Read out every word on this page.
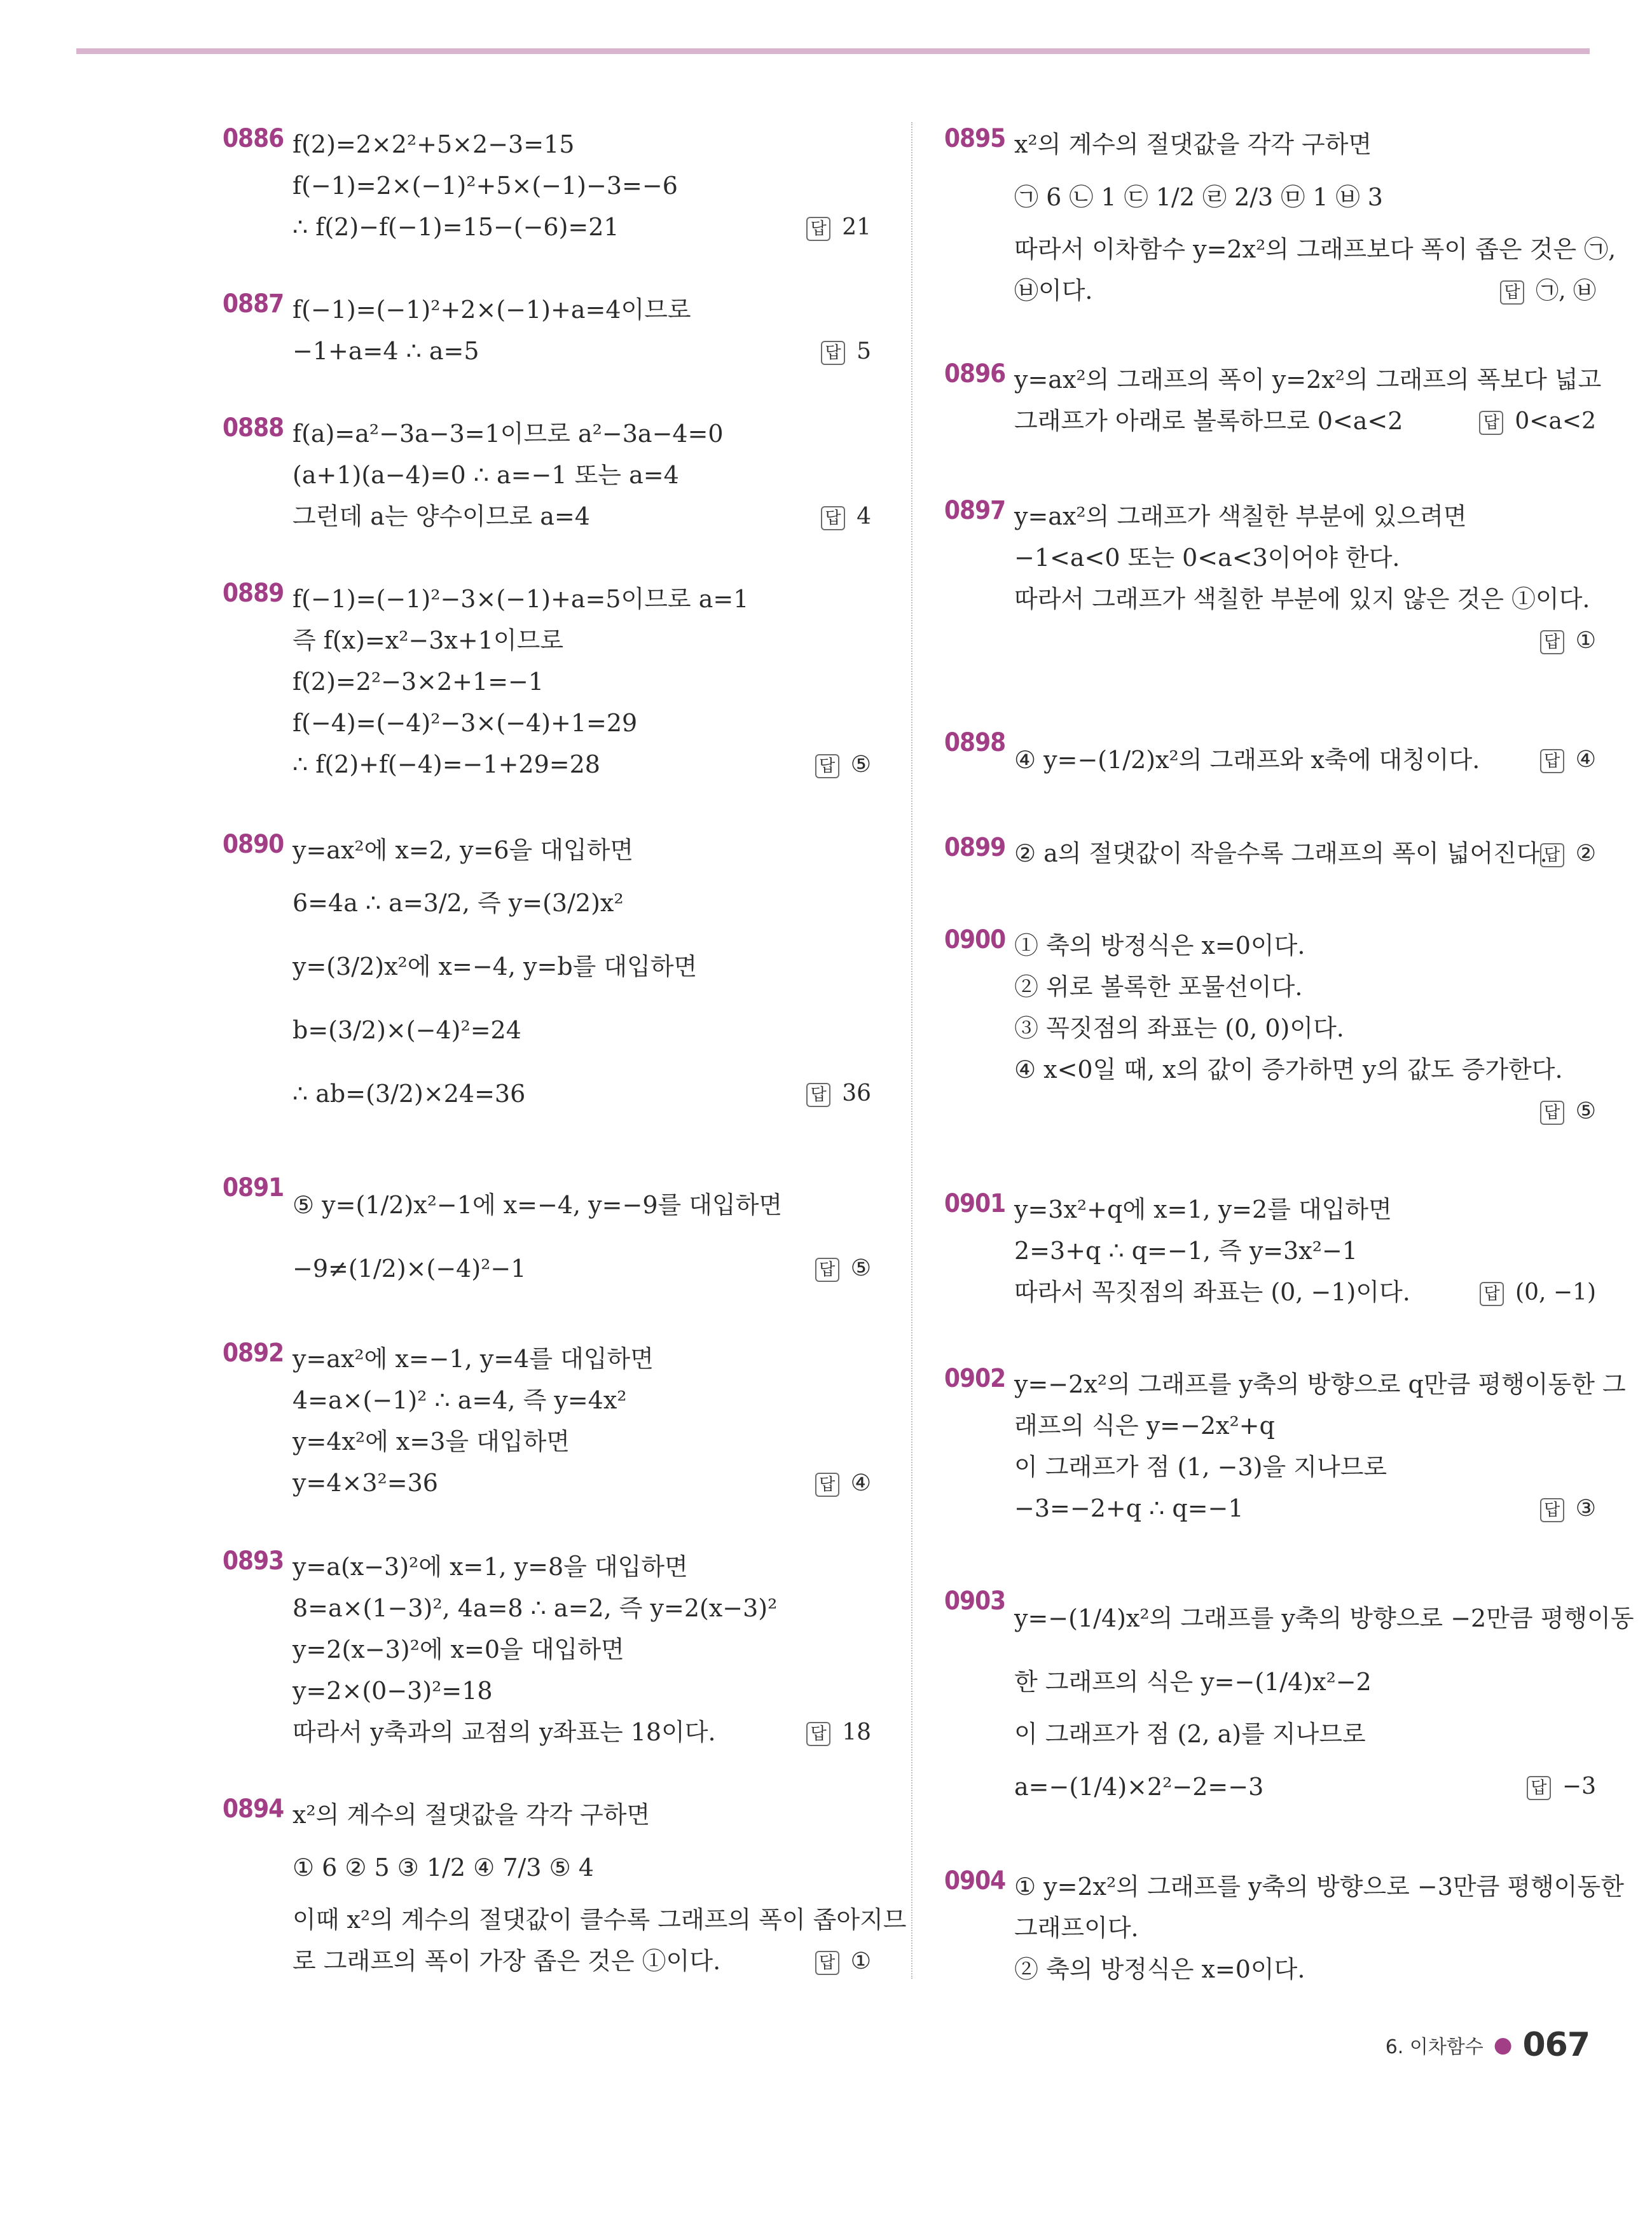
0886 f(2)=2×2²+5×2−3=15
f(−1)=2×(−1)²+5×(−1)−3=−6
∴ f(2)−f(−1)=15−(−6)=21	답 21
0887 f(−1)=(−1)²+2×(−1)+a=4이므로
−1+a=4 ∴ a=5	답 5
0888 f(a)=a²−3a−3=1이므로 a²−3a−4=0
(a+1)(a−4)=0 ∴ a=−1 또는 a=4
그런데 a는 양수이므로 a=4	답 4
0889 f(−1)=(−1)²−3×(−1)+a=5이므로 a=1
즉 f(x)=x²−3x+1이므로
f(2)=2²−3×2+1=−1
f(−4)=(−4)²−3×(−4)+1=29
∴ f(2)+f(−4)=−1+29=28	답 ⑤
0890 y=ax²에 x=2, y=6을 대입하면
6=4a ∴ a=3/2, 즉 y=(3/2)x²
y=(3/2)x²에 x=−4, y=b를 대입하면
b=(3/2)×(−4)²=24
∴ ab=(3/2)×24=36	답 36
0891
⑤ y=(1/2)x²−1에 x=−4, y=−9를 대입하면
−9≠(1/2)×(−4)²−1	답 ⑤
0892 y=ax²에 x=−1, y=4를 대입하면
4=a×(−1)² ∴ a=4, 즉 y=4x²
y=4x²에 x=3을 대입하면
y=4×3²=36	답 ④
0893 y=a(x−3)²에 x=1, y=8을 대입하면
8=a×(1−3)², 4a=8 ∴ a=2, 즉 y=2(x−3)²
y=2(x−3)²에 x=0을 대입하면
y=2×(0−3)²=18
따라서 y축과의 교점의 y좌표는 18이다.	답 18
0894 x²의 계수의 절댓값을 각각 구하면
① 6 ② 5 ③ 1/2 ④ 7/3 ⑤ 4
이때 x²의 계수의 절댓값이 클수록 그래프의 폭이 좁아지므
로 그래프의 폭이 가장 좁은 것은 ①이다.	답 ①
0895 x²의 계수의 절댓값을 각각 구하면
㉠ 6 ㉡ 1 ㉢ 1/2 ㉣ 2/3 ㉤ 1 ㉥ 3
따라서 이차함수 y=2x²의 그래프보다 폭이 좁은 것은 ㉠,
㉥이다.	답 ㉠, ㉥
0896 y=ax²의 그래프의 폭이 y=2x²의 그래프의 폭보다 넓고
그래프가 아래로 볼록하므로 0<a<2	답 0<a<2
0897 y=ax²의 그래프가 색칠한 부분에 있으려면
−1<a<0 또는 0<a<3이어야 한다.
따라서 그래프가 색칠한 부분에 있지 않은 것은 ①이다.
답 ①
0898
④ y=−(1/2)x²의 그래프와 x축에 대칭이다.	답 ④
0899 ② a의 절댓값이 작을수록 그래프의 폭이 넓어진다.
답 ②
0900 ① 축의 방정식은 x=0이다.
② 위로 볼록한 포물선이다.
③ 꼭짓점의 좌표는 (0, 0)이다.
④ x<0일 때, x의 값이 증가하면 y의 값도 증가한다.
답 ⑤
0901 y=3x²+q에 x=1, y=2를 대입하면
2=3+q ∴ q=−1, 즉 y=3x²−1
따라서 꼭짓점의 좌표는 (0, −1)이다.	답 (0, −1)
0902 y=−2x²의 그래프를 y축의 방향으로 q만큼 평행이동한 그
래프의 식은 y=−2x²+q
이 그래프가 점 (1, −3)을 지나므로
−3=−2+q ∴ q=−1	답 ③
0903
y=−(1/4)x²의 그래프를 y축의 방향으로 −2만큼 평행이동
한 그래프의 식은 y=−(1/4)x²−2
이 그래프가 점 (2, a)를 지나므로
a=−(1/4)×2²−2=−3	답 −3
0904 ① y=2x²의 그래프를 y축의 방향으로 −3만큼 평행이동한
그래프이다.
② 축의 방정식은 x=0이다.
6. 이차함수 ● 067
